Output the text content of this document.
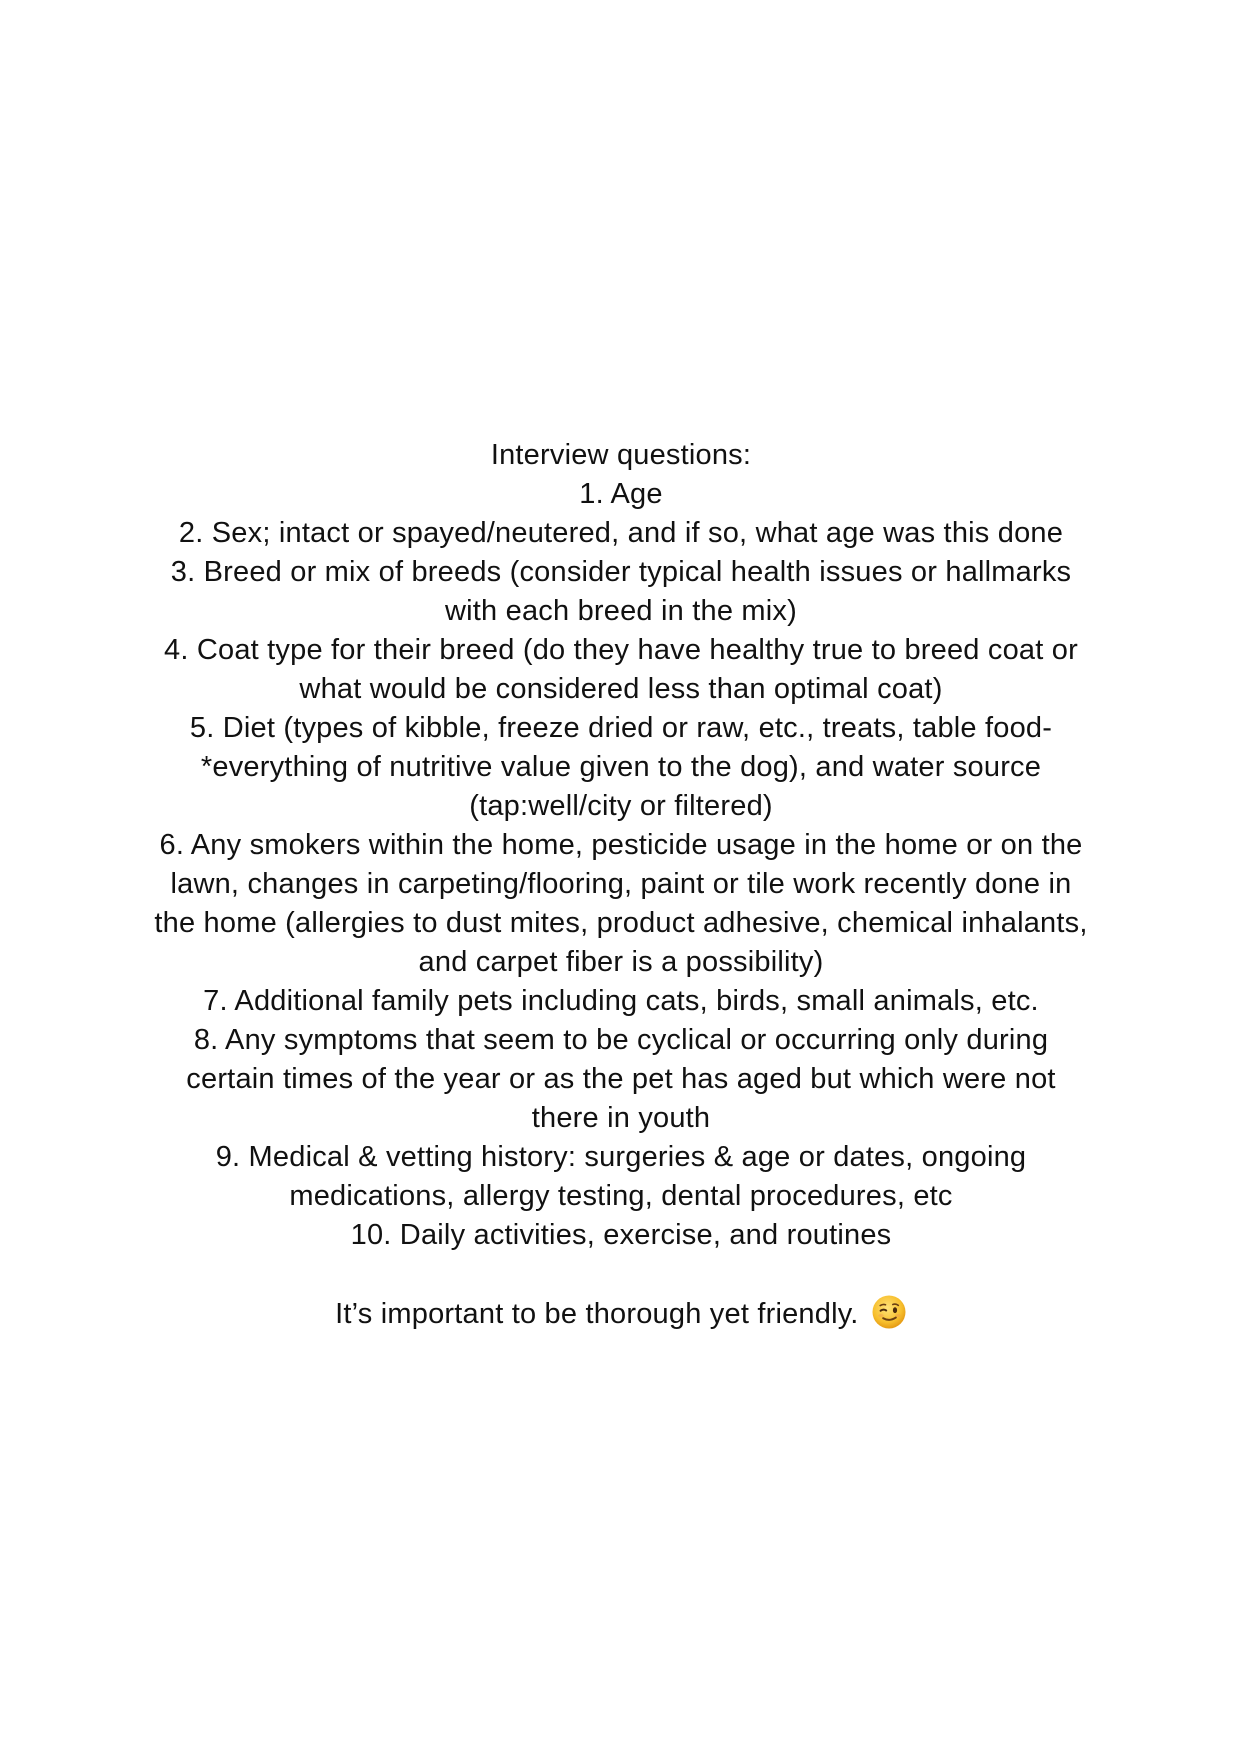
Interview questions:
1. Age
2. Sex; intact or spayed/neutered, and if so, what age was this done
3. Breed or mix of breeds (consider typical health issues or hallmarks
with each breed in the mix)
4. Coat type for their breed (do they have healthy true to breed coat or
what would be considered less than optimal coat)
5. Diet (types of kibble, freeze dried or raw, etc., treats, table food-
*everything of nutritive value given to the dog), and water source
(tap:well/city or filtered)
6. Any smokers within the home, pesticide usage in the home or on the
lawn, changes in carpeting/flooring, paint or tile work recently done in
the home (allergies to dust mites, product adhesive, chemical inhalants,
and carpet fiber is a possibility)
7. Additional family pets including cats, birds, small animals, etc.
8. Any symptoms that seem to be cyclical or occurring only during
certain times of the year or as the pet has aged but which were not
there in youth
9. Medical & vetting history: surgeries & age or dates, ongoing
medications, allergy testing, dental procedures, etc
10. Daily activities, exercise, and routines
It’s important to be thorough yet friendly.
